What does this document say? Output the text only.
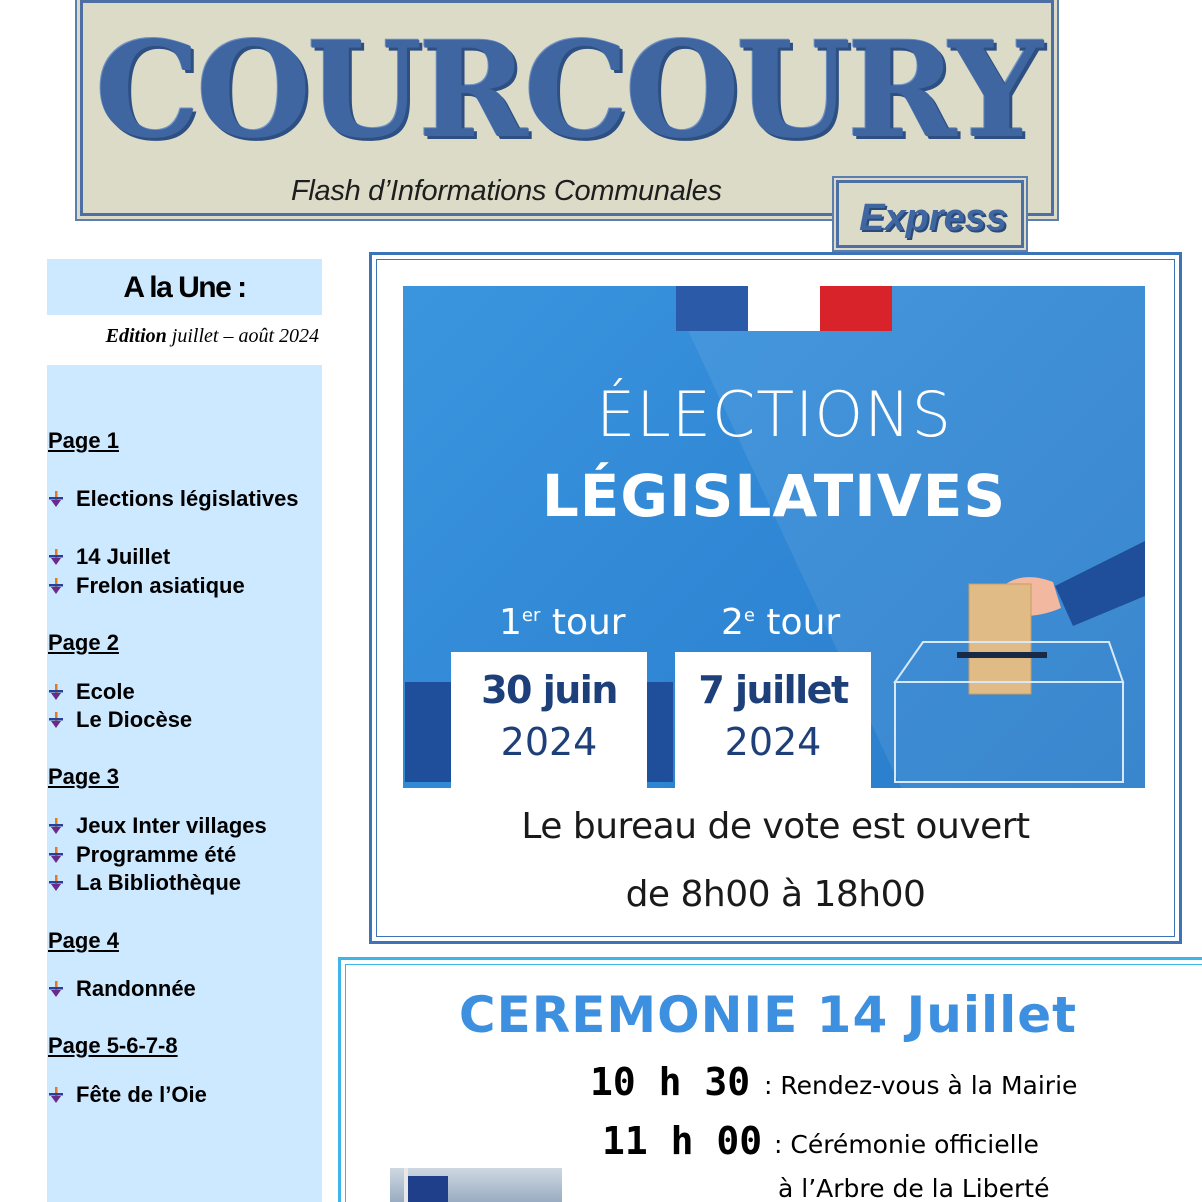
COURCOURY
Flash d’Informations Communales
Express
A la Une :
Edition juillet – août 2024
Page 1
Elections législatives
14 Juillet
Frelon asiatique
Page 2
Ecole
Le Diocèse
Page 3
Jeux Inter villages
Programme été
La Bibliothèque
Page 4
Randonnée
Page 5-6-7-8
Fête de l’Oie
ÉLECTIONS
LÉGISLATIVES
1er tour	2e tour
30 juin
2024
7 juillet
2024
Le bureau de vote est ouvert
de 8h00 à 18h00
CEREMONIE 14 Juillet
10 h 30 : Rendez-vous à la Mairie
11 h 00 : Cérémonie officielle
à l’Arbre de la Liberté
